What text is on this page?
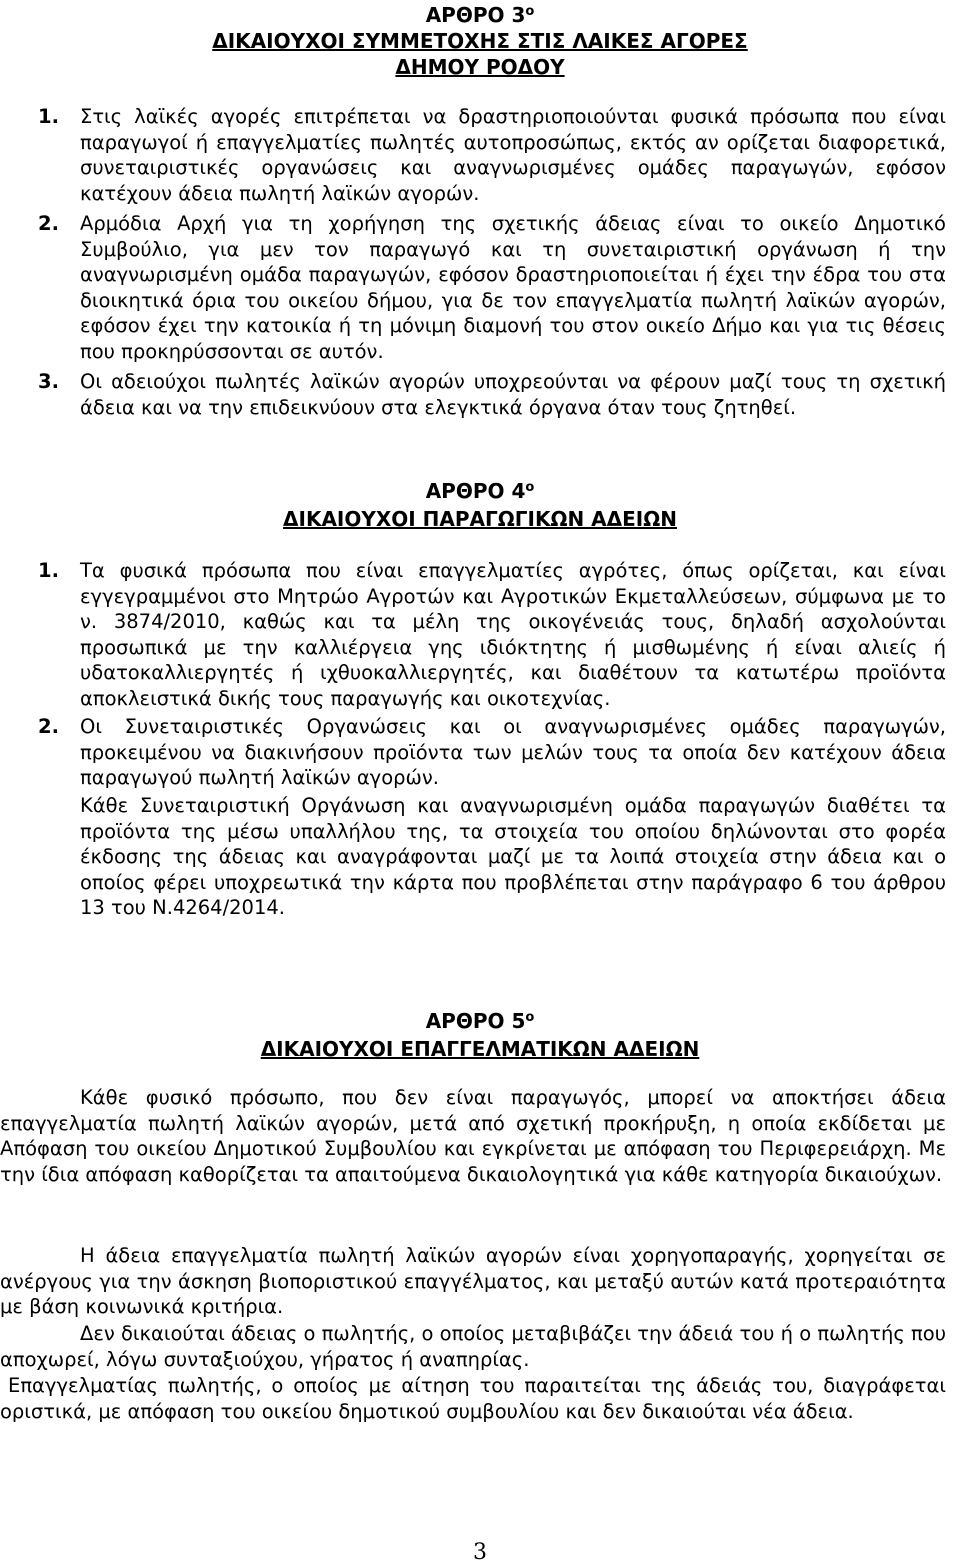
ΑΡΘΡΟ $3^o$
ΔΙΚΑΙΟΥΧΟΙ ΣΥΜΜΕΤΟΧΗΣ ΣΤΙΣ ΛΑΙΚΕΣ ΑΓΟΡΕΣ
ΔΗΜΟΥ ΡΟΔΟΥ
1. Στις λαϊκές αγορές επιτρέπεται να δραστηριοποιούνται φυσικά πρόσωπα που είναι παραγωγοί ή επαγγελματίες πωλητές αυτοπροσώπως, εκτός αν ορίζεται διαφορετικά, συνεταιριστικές οργανώσεις και αναγνωρισμένες ομάδες παραγωγών, εφόσον κατέχουν άδεια πωλητή λαϊκών αγορών.
2. Αρμόδια Αρχή για τη χορήγηση της σχετικής άδειας είναι το οικείο Δημοτικό Συμβούλιο, για μεν τον παραγωγό και τη συνεταιριστική οργάνωση ή την αναγνωρισμένη ομάδα παραγωγών, εφόσον δραστηριοποιείται ή έχει την έδρα του στα διοικητικά όρια του οικείου δήμου, για δε τον επαγγελματία πωλητή λαϊκών αγορών, εφόσον έχει την κατοικία ή τη μόνιμη διαμονή του στον οικείο Δήμο και για τις θέσεις που προκηρύσσονται σε αυτόν.
3. Οι αδειούχοι πωλητές λαϊκών αγορών υποχρεούνται να φέρουν μαζί τους τη σχετική άδεια και να την επιδεικνύουν στα ελεγκτικά όργανα όταν τους ζητηθεί.
ΑΡΘΡΟ $4^o$
ΔΙΚΑΙΟΥΧΟΙ ΠΑΡΑΓΩΓΙΚΩΝ ΑΔΕΙΩΝ
1. Τα φυσικά πρόσωπα που είναι επαγγελματίες αγρότες, όπως ορίζεται, και είναι εγγεγραμμένοι στο Μητρώο Αγροτών και Αγροτικών Εκμεταλλεύσεων, σύμφωνα με το ν. 3874/2010, καθώς και τα μέλη της οικογένειάς τους, δηλαδή ασχολούνται προσωπικά με την καλλιέργεια γης ιδιόκτητης ή μισθωμένης ή είναι αλιείς ή υδατοκαλλιεργητές ή ιχθυοκαλλιεργητές, και διαθέτουν τα κατωτέρω προϊόντα αποκλειστικά δικής τους παραγωγής και οικοτεχνίας.
2. Οι Συνεταιριστικές Οργανώσεις και οι αναγνωρισμένες ομάδες παραγωγών, προκειμένου να διακινήσουν προϊόντα των μελών τους τα οποία δεν κατέχουν άδεια παραγωγού πωλητή λαϊκών αγορών.
Κάθε Συνεταιριστική Οργάνωση και αναγνωρισμένη ομάδα παραγωγών διαθέτει τα προϊόντα της μέσω υπαλλήλου της, τα στοιχεία του οποίου δηλώνονται στο φορέα έκδοσης της άδειας και αναγράφονται μαζί με τα λοιπά στοιχεία στην άδεια και ο οποίος φέρει υποχρεωτικά την κάρτα που προβλέπεται στην παράγραφο 6 του άρθρου 13 του Ν.4264/2014.
ΑΡΘΡΟ $5^o$
ΔΙΚΑΙΟΥΧΟΙ ΕΠΑΓΓΕΛΜΑΤΙΚΩΝ ΑΔΕΙΩΝ
Κάθε φυσικό πρόσωπο, που δεν είναι παραγωγός, μπορεί να αποκτήσει άδεια επαγγελματία πωλητή λαϊκών αγορών, μετά από σχετική προκήρυξη, η οποία εκδίδεται με Απόφαση του οικείου Δημοτικού Συμβουλίου και εγκρίνεται με απόφαση του Περιφερειάρχη. Με την ίδια απόφαση καθορίζεται τα απαιτούμενα δικαιολογητικά για κάθε κατηγορία δικαιούχων.
Η άδεια επαγγελματία πωλητή λαϊκών αγορών είναι χορηγοπαραγής, χορηγείται σε ανέργους για την άσκηση βιοποριστικού επαγγέλματος, και μεταξύ αυτών κατά προτεραιότητα με βάση κοινωνικά κριτήρια.
Δεν δικαιούται άδειας ο πωλητής, ο οποίος μεταβιβάζει την άδειά του ή ο πωλητής που αποχωρεί, λόγω συνταξιούχου, γήρατος ή αναπηρίας.
Επαγγελματίας πωλητής, ο οποίος με αίτηση του παραιτείται της άδειάς του, διαγράφεται οριστικά, με απόφαση του οικείου δημοτικού συμβουλίου και δεν δικαιούται νέα άδεια.
3
